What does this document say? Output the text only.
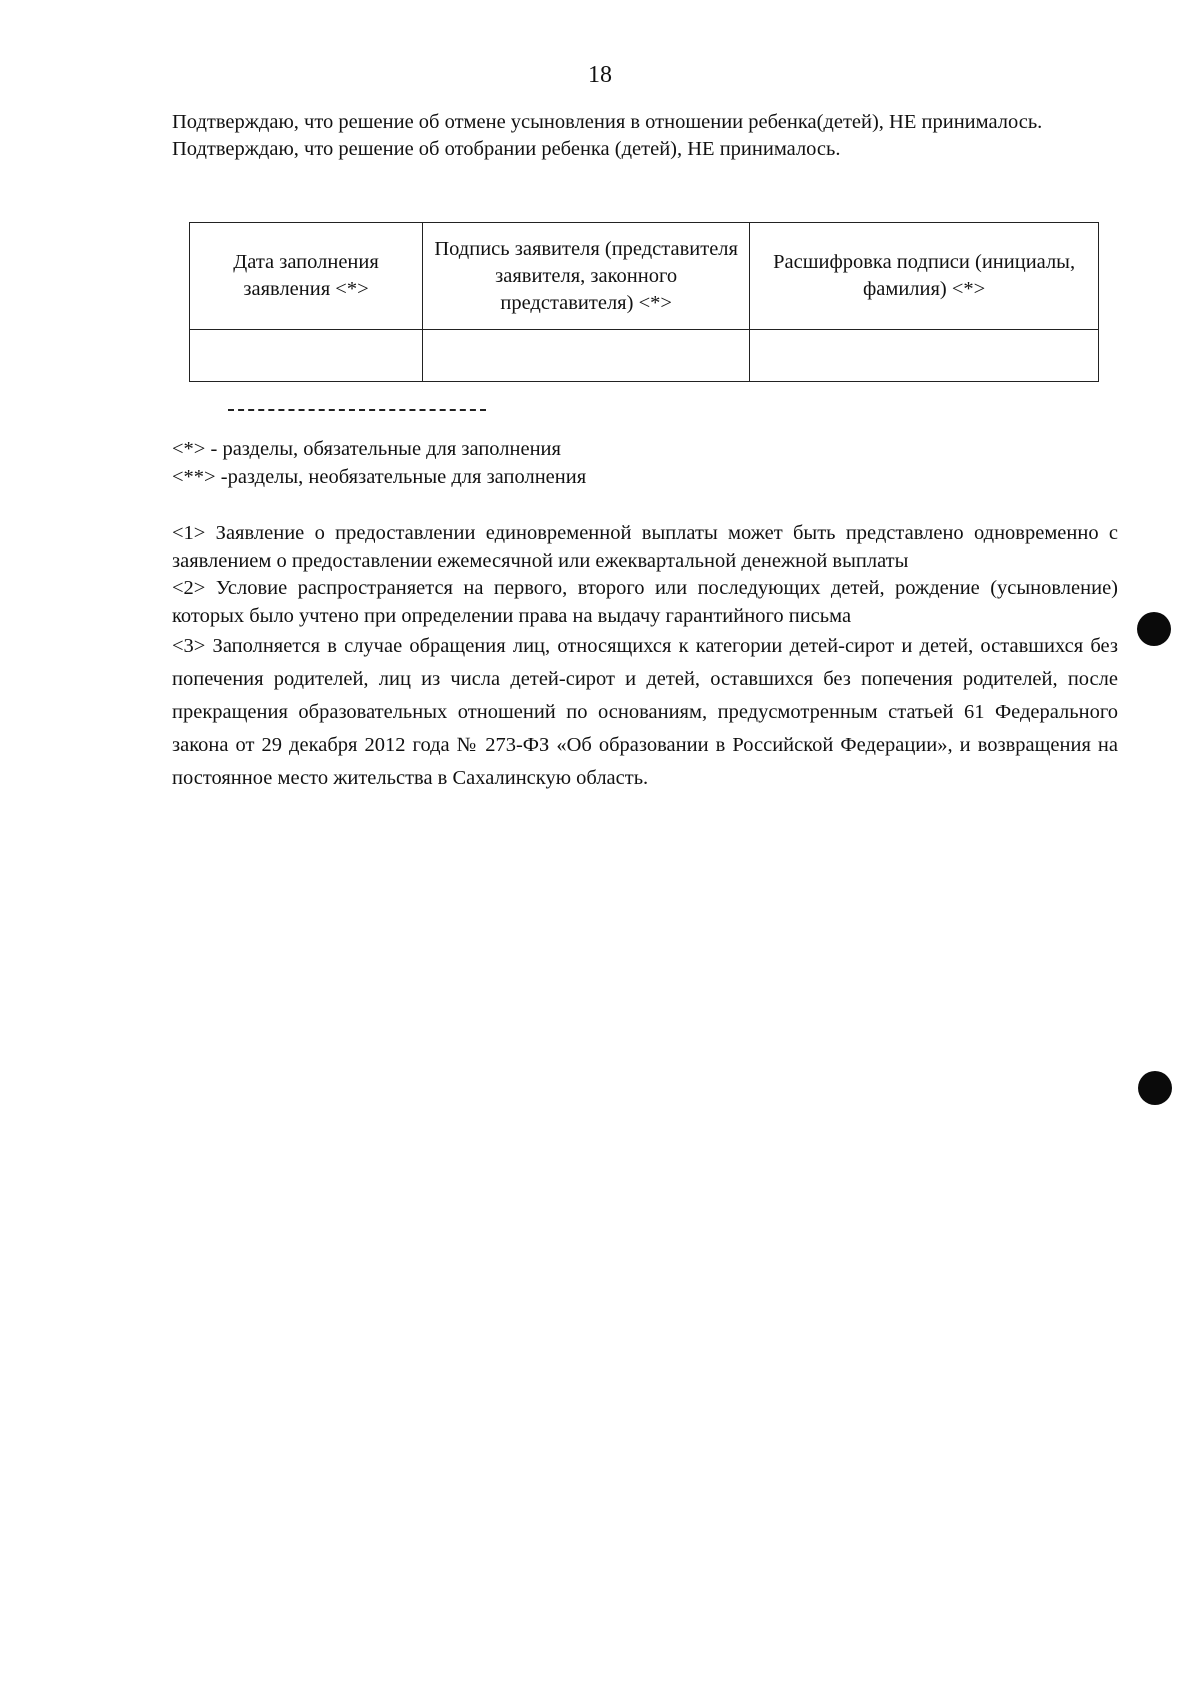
18

Подтверждаю, что решение об отмене усыновления в отношении ребенка(детей), НЕ принималось.

Подтверждаю, что решение об отобрании ребенка (детей), НЕ принималось.

Дата заполнения заявления <*>	Подпись заявителя (представителя заявителя, законного представителя) <*>	Расшифровка подписи (инициалы, фамилия) <*>

<*> - разделы, обязательные для заполнения

<**> -разделы, необязательные для заполнения

<1> Заявление о предоставлении единовременной выплаты может быть представлено одновременно с заявлением о предоставлении ежемесячной или ежеквартальной денежной выплаты

<2> Условие распространяется на первого, второго или последующих детей, рождение (усыновление) которых было учтено при определении права на выдачу гарантийного письма

<3> Заполняется в случае обращения лиц, относящихся к категории детей-сирот и детей, оставшихся без попечения родителей, лиц из числа детей-сирот и детей, оставшихся без попечения родителей, после прекращения образовательных отношений по основаниям, предусмотренным статьей 61 Федерального закона от 29 декабря 2012 года № 273-ФЗ «Об образовании в Российской Федерации», и возвращения на постоянное место жительства в Сахалинскую область.
